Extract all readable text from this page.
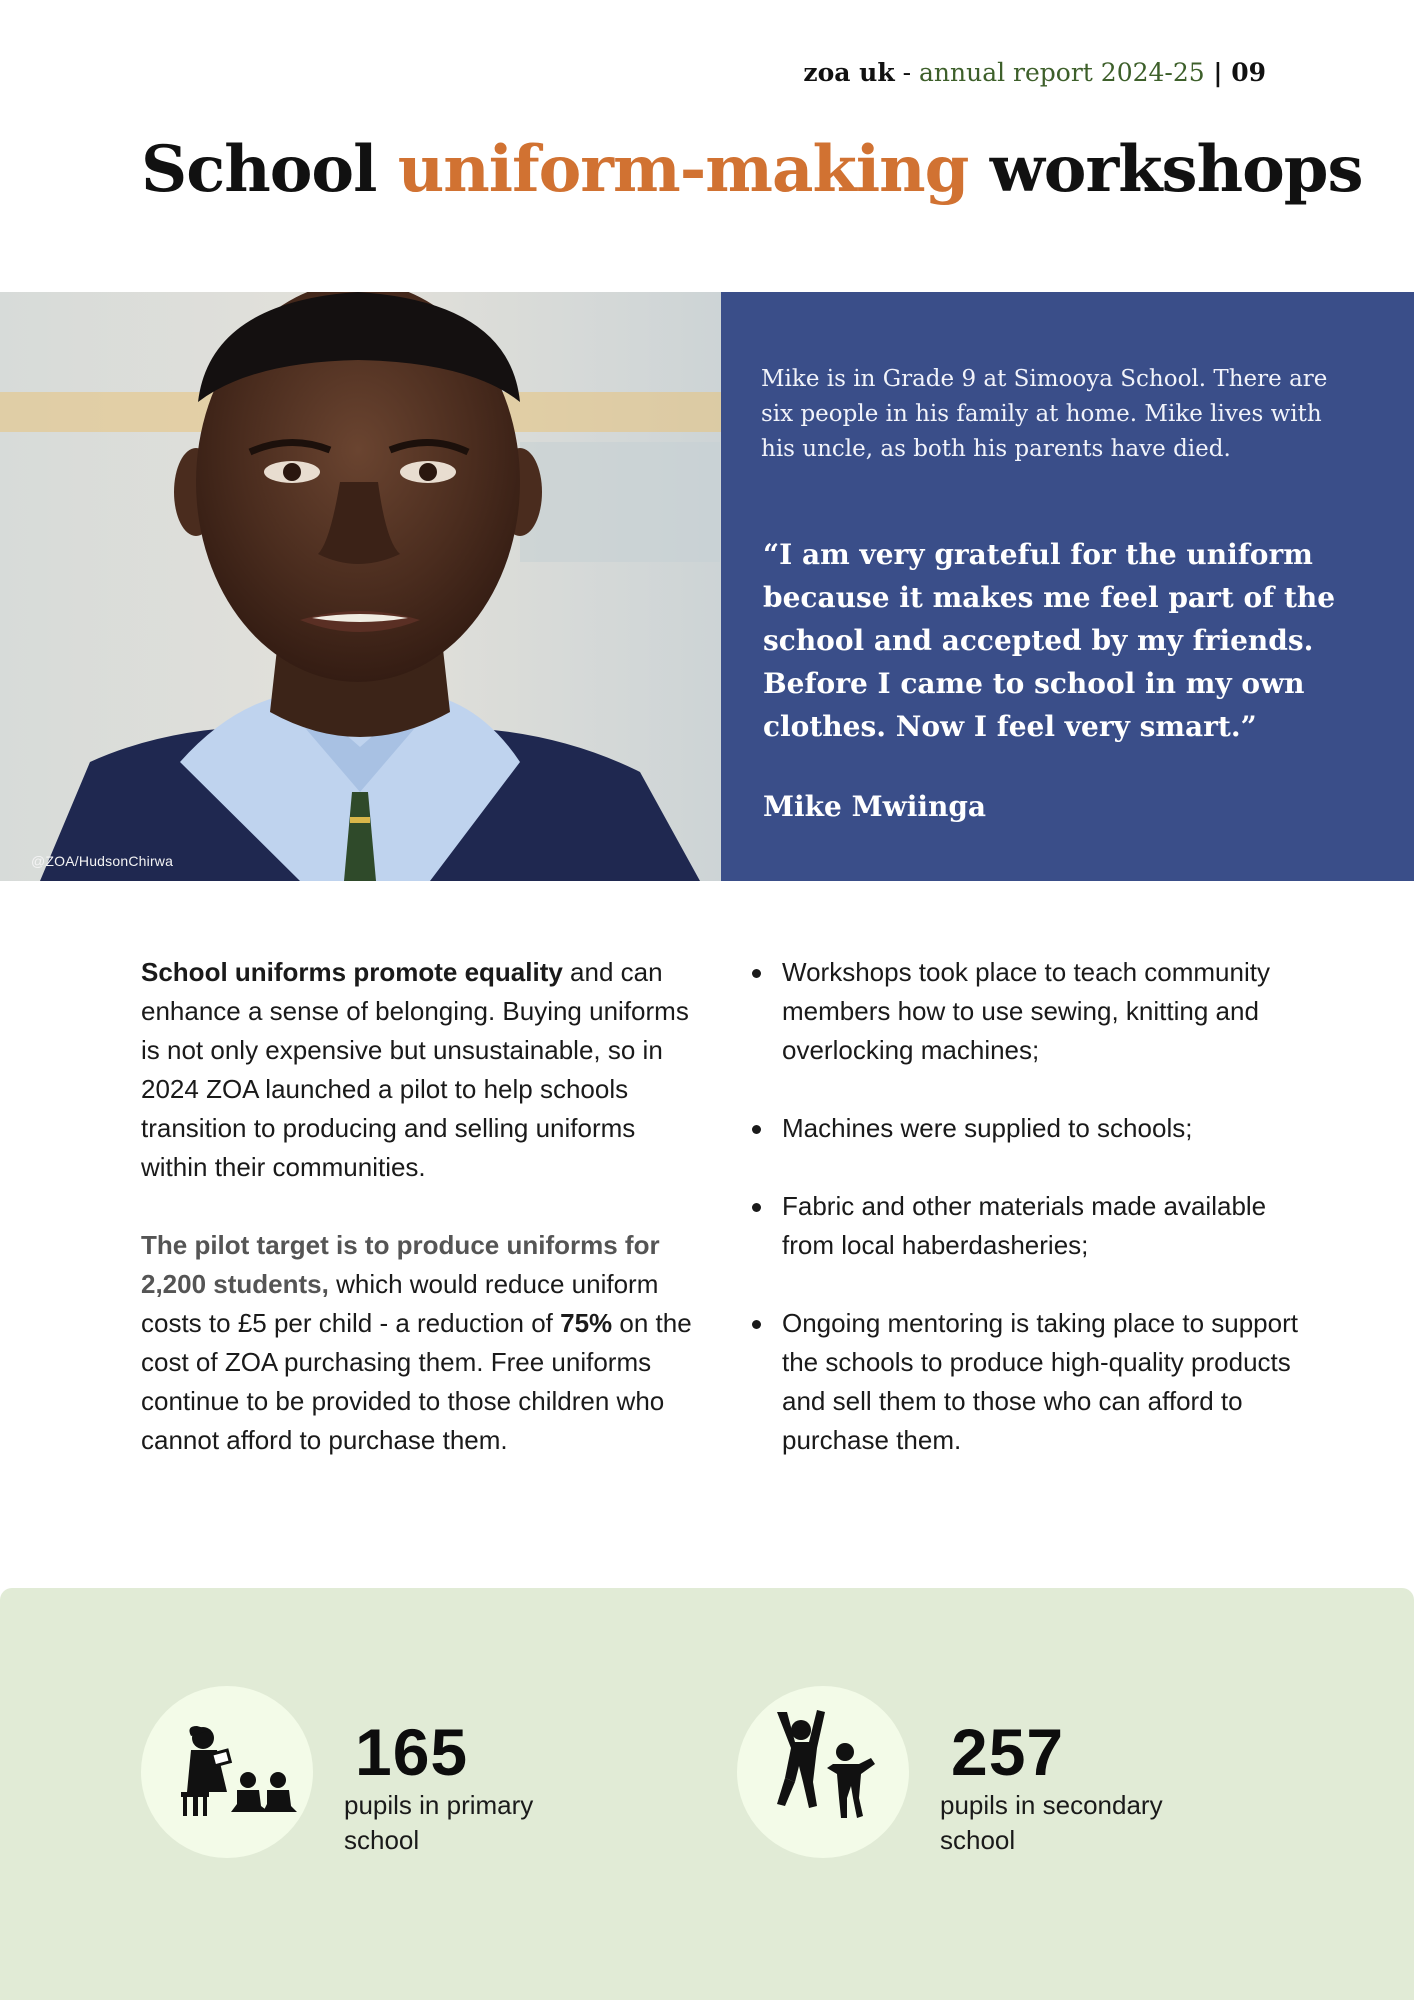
zoa uk - annual report 2024-25 | 09
School uniform-making workshops
@ZOA/HudsonChirwa

Mike is in Grade 9 at Simooya School. There are six people in his family at home. Mike lives with his uncle, as both his parents have died.

“I am very grateful for the uniform because it makes me feel part of the school and accepted by my friends. Before I came to school in my own clothes. Now I feel very smart.”

Mike Mwiinga

School uniforms promote equality and can enhance a sense of belonging. Buying uniforms is not only expensive but unsustainable, so in 2024 ZOA launched a pilot to help schools transition to producing and selling uniforms within their communities.

The pilot target is to produce uniforms for 2,200 students, which would reduce uniform costs to £5 per child - a reduction of 75% on the cost of ZOA purchasing them. Free uniforms continue to be provided to those children who cannot afford to purchase them.

Workshops took place to teach community members how to use sewing, knitting and overlocking machines;
Machines were supplied to schools;
Fabric and other materials made available from local haberdasheries;
Ongoing mentoring is taking place to support the schools to produce high-quality products and sell them to those who can afford to purchase them.
165
pupils in primary school
257
pupils in secondary school
